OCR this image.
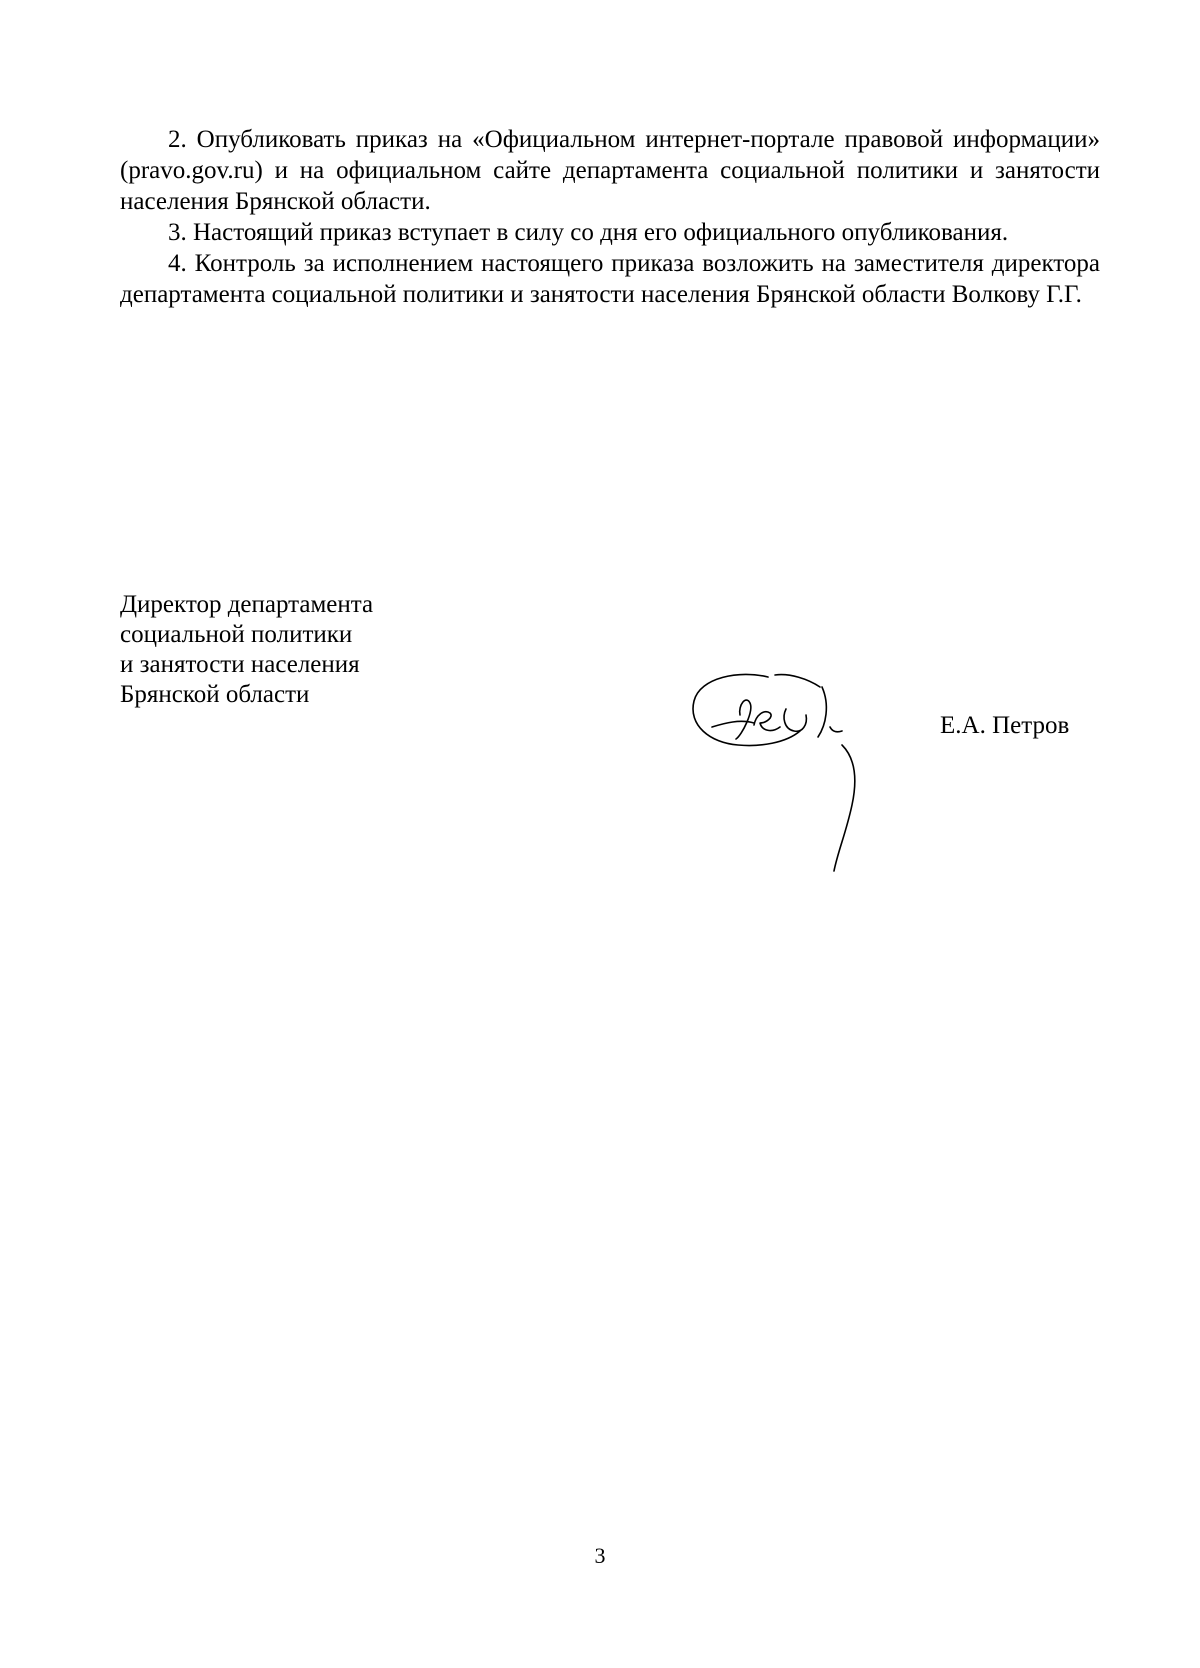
2. Опубликовать приказ на «Официальном интернет-портале правовой информации» (pravo.gov.ru) и на официальном сайте департамента социальной политики и занятости населения Брянской области.

3. Настоящий приказ вступает в силу со дня его официального опубликования.

4. Контроль за исполнением настоящего приказа возложить на заместителя директора департамента социальной политики и занятости населения Брянской области Волкову Г.Г.

Директор департамента
социальной политики
и занятости населения
Брянской области
Е.А. Петров
3
